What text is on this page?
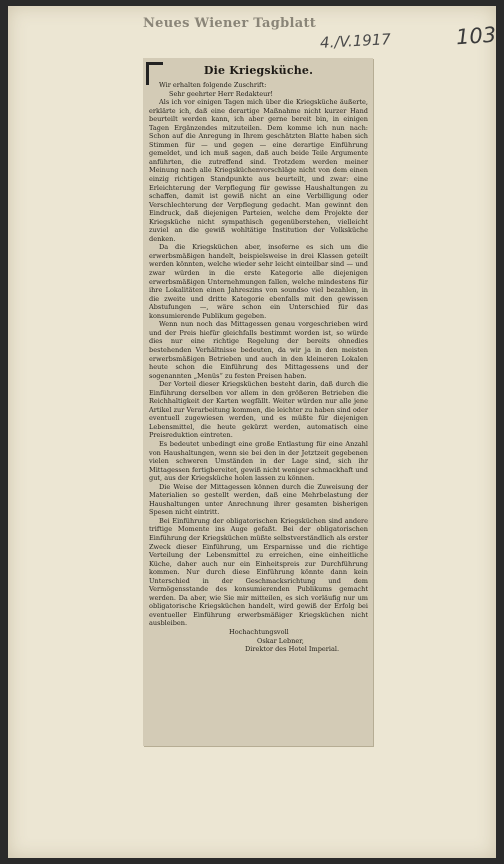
Neues Wiener Tagblatt
4./V.1917	103
Die Kriegsküche.

Wir erhalten folgende Zuschrift:

Sehr geehrter Herr Redakteur!

Als ich vor einigen Tagen mich über die Kriegsküche äußerte, erklärte ich, daß eine derartige Maßnahme nicht kurzer Hand beurteilt werden kann, ich aber gerne bereit bin, in einigen Tagen Ergänzendes mitzuteilen. Dem komme ich nun nach: Schon auf die Anregung in Ihrem geschätzten Blatte haben sich Stimmen für — und gegen — eine derartige Einführung gemeldet, und ich muß sagen, daß auch beide Teile Argumente anführten, die zutreffend sind. Trotzdem werden meiner Meinung nach alle Kriegsküchenvorschläge nicht von dem einen einzig richtigen Standpunkte aus beurteilt, und zwar: eine Erleichterung der Verpflegung für gewisse Haushaltungen zu schaffen, damit ist gewiß nicht an eine Verbilligung oder Verschlechterung der Verpflegung gedacht. Man gewinnt den Eindruck, daß diejenigen Parteien, welche dem Projekte der Kriegsküche nicht sympathisch gegenüberstehen, vielleicht zuviel an die gewiß wohltätige Institution der Volksküche denken.

Da die Kriegsküchen aber, insoferne es sich um die erwerbsmäßigen handelt, beispielsweise in drei Klassen geteilt werden könnten, welche wieder sehr leicht einteilbar sind — und zwar würden in die erste Kategorie alle diejenigen erwerbsmäßigen Unternehmungen fallen, welche mindestens für ihre Lokalitäten einen Jahreszins von soundso viel bezahlen, in die zweite und dritte Kategorie ebenfalls mit den gewissen Abstufungen —, wäre schon ein Unterschied für das konsumierende Publikum gegeben.

Wenn nun noch das Mittagessen genau vorgeschrieben wird und der Preis hiefür gleichfalls bestimmt worden ist, so würde dies nur eine richtige Regelung der bereits ohnedies bestehenden Verhältnisse bedeuten, da wir ja in den meisten erwerbsmäßigen Betrieben und auch in den kleineren Lokalen heute schon die Einführung des Mittagessens und der sogenannten „Menüs“ zu festen Preisen haben.

Der Vorteil dieser Kriegsküchen besteht darin, daß durch die Einführung derselben vor allem in den größeren Betrieben die Reichhaltigkeit der Karten wegfällt. Weiter würden nur alle jene Artikel zur Verarbeitung kommen, die leichter zu haben sind oder eventuell zugewiesen werden, und es müßte für diejenigen Lebensmittel, die heute gekürzt werden, automatisch eine Preisreduktion eintreten.

Es bedeutet unbedingt eine große Entlastung für eine Anzahl von Haushaltungen, wenn sie bei den in der Jetztzeit gegebenen vielen schweren Umständen in der Lage sind, sich ihr Mittagessen fertigbereitet, gewiß nicht weniger schmackhaft und gut, aus der Kriegsküche holen lassen zu können.

Die Weise der Mittagessen können durch die Zuweisung der Materialien so gestellt werden, daß eine Mehrbelastung der Haushaltungen unter Anrechnung ihrer gesamten bisherigen Spesen nicht eintritt.

Bei Einführung der obligatorischen Kriegsküchen sind andere triftige Momente ins Auge gefaßt. Bei der obligatorischen Einführung der Kriegsküchen müßte selbstverständlich als erster Zweck dieser Einführung, um Ersparnisse und die richtige Verteilung der Lebensmittel zu erreichen, eine einheitliche Küche, daher auch nur ein Einheitspreis zur Durchführung kommen. Nur durch diese Einführung könnte dann kein Unterschied in der Geschmacksrichtung und dem Vermögensstande des konsumierenden Publikums gemacht werden. Da aber, wie Sie mir mitteilen, es sich vorläufig nur um obligatorische Kriegsküchen handelt, wird gewiß der Erfolg bei eventueller Einführung erwerbsmäßiger Kriegsküchen nicht ausbleiben.

Hochachtungsvoll

Oskar Lebner,

Direktor des Hotel Imperial.
